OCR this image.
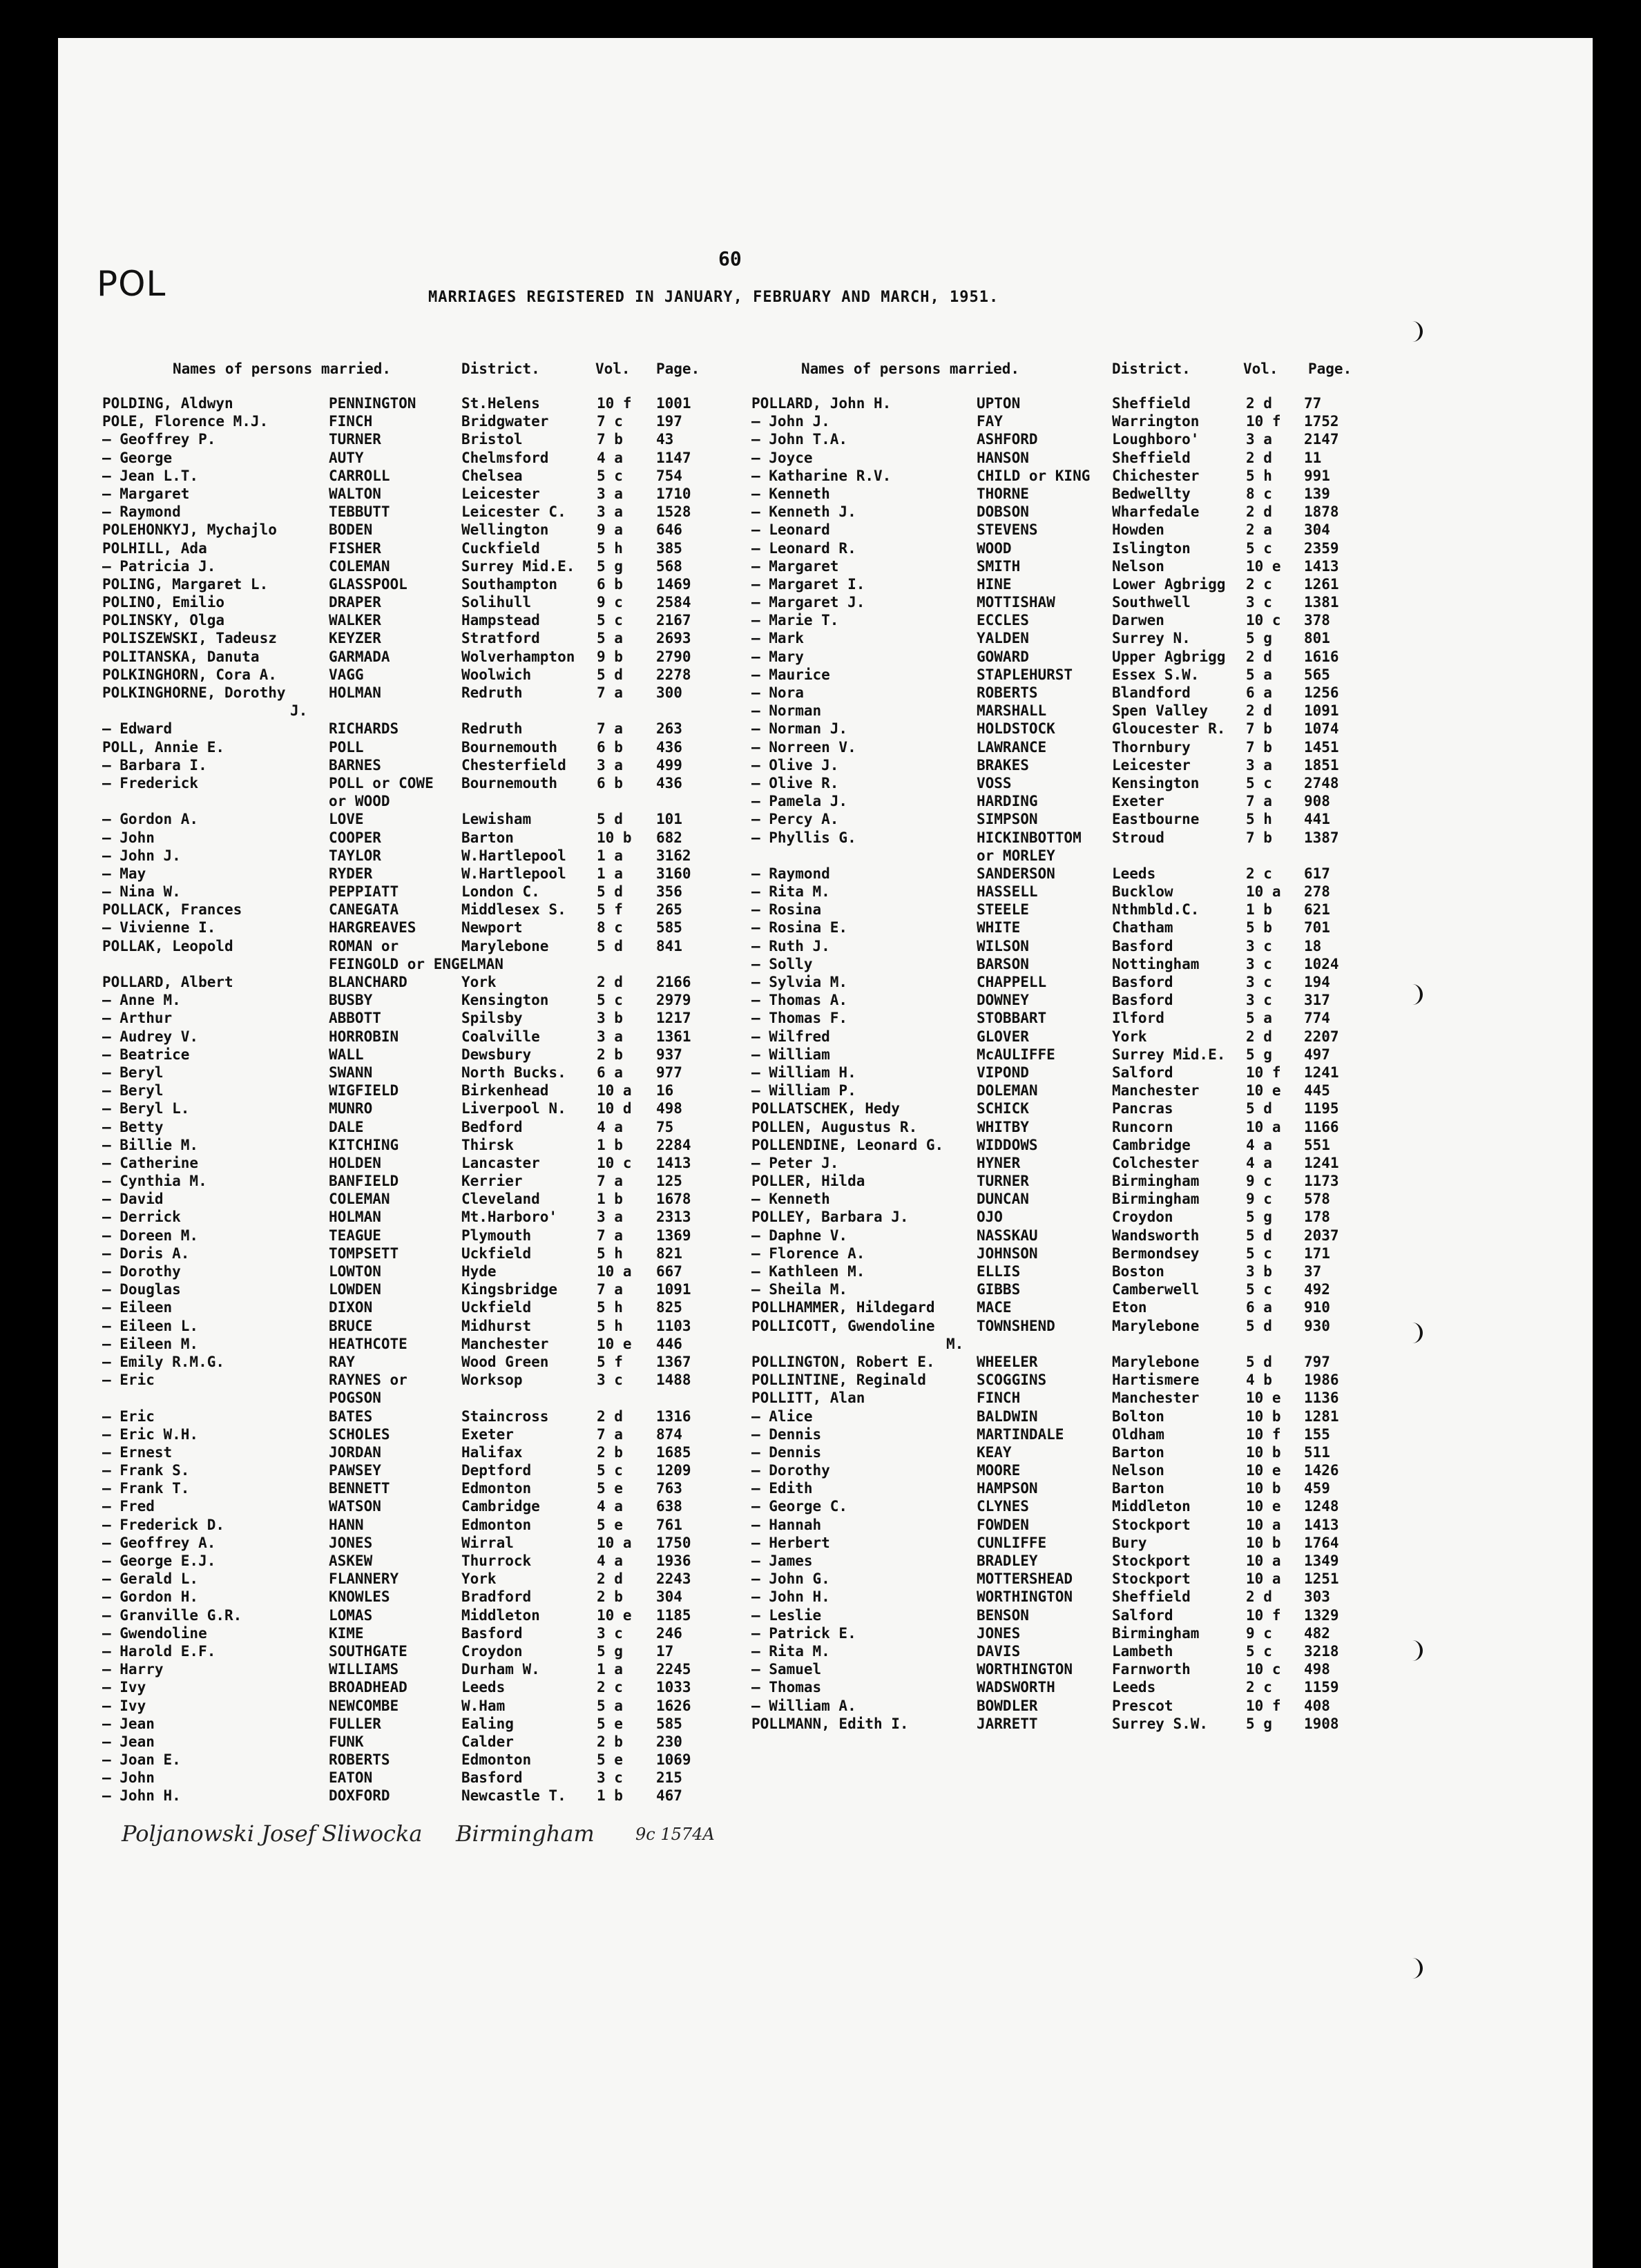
60
POL	MARRIAGES REGISTERED IN JANUARY, FEBRUARY AND MARCH, 1951.
Names of persons married.	District.	Vol. Page.	Names of persons married.	District.	Vol. Page.
POLDING, Aldwyn	PENNINGTON	St.Helens	10 f 1001
POLE, Florence M.J.	FINCH	Bridgwater	7 c 197
— Geoffrey P.	TURNER	Bristol	7 b 43
— George	AUTY	Chelmsford	4 a 1147
— Jean L.T.	CARROLL	Chelsea	5 c 754
— Margaret	WALTON	Leicester	3 a 1710
— Raymond	TEBBUTT	Leicester C. 3 a 1528
POLEHONKYJ, Mychajlo	BODEN	Wellington	9 a 646
POLHILL, Ada	FISHER	Cuckfield	5 h 385
— Patricia J.	COLEMAN	Surrey Mid.E. 5 g 568
POLING, Margaret L.	GLASSPOOL	Southampton	6 b 1469
POLINO, Emilio	DRAPER	Solihull	9 c 2584
POLINSKY, Olga	WALKER	Hampstead	5 c 2167
POLISZEWSKI, Tadeusz	KEYZER	Stratford	5 a 2693
POLITANSKA, Danuta	GARMADA	Wolverhampton 9 b 2790
POLKINGHORN, Cora A.	VAGG	Woolwich	5 d 2278
POLKINGHORNE, Dorothy	HOLMAN	Redruth	7 a 300
J.
— Edward	RICHARDS	Redruth	7 a 263
POLL, Annie E.	POLL	Bournemouth	6 b 436
— Barbara I.	BARNES	Chesterfield 3 a 499
— Frederick	POLL or COWE Bournemouth	6 b 436
or WOOD
— Gordon A.	LOVE	Lewisham	5 d 101
— John	COOPER	Barton	10 b 682
— John J.	TAYLOR	W.Hartlepool 1 a 3162
— May	RYDER	W.Hartlepool 1 a 3160
— Nina W.	PEPPIATT	London C.	5 d 356
POLLACK, Frances	CANEGATA	Middlesex S. 5 f 265
— Vivienne I.	HARGREAVES	Newport	8 c 585
POLLAK, Leopold	ROMAN or	Marylebone	5 d 841
FEINGOLD or ENGELMAN
POLLARD, Albert	BLANCHARD	York	2 d 2166
— Anne M.	BUSBY	Kensington	5 c 2979
— Arthur	ABBOTT	Spilsby	3 b 1217
— Audrey V.	HORROBIN	Coalville	3 a 1361
— Beatrice	WALL	Dewsbury	2 b 937
— Beryl	SWANN	North Bucks. 6 a 977
— Beryl	WIGFIELD	Birkenhead	10 a 16
— Beryl L.	MUNRO	Liverpool N. 10 d 498
— Betty	DALE	Bedford	4 a 75
— Billie M.	KITCHING	Thirsk	1 b 2284
— Catherine	HOLDEN	Lancaster	10 c 1413
— Cynthia M.	BANFIELD	Kerrier	7 a 125
— David	COLEMAN	Cleveland	1 b 1678
— Derrick	HOLMAN	Mt.Harboro'	3 a 2313
— Doreen M.	TEAGUE	Plymouth	7 a 1369
— Doris A.	TOMPSETT	Uckfield	5 h 821
— Dorothy	LOWTON	Hyde	10 a 667
— Douglas	LOWDEN	Kingsbridge	7 a 1091
— Eileen	DIXON	Uckfield	5 h 825
— Eileen L.	BRUCE	Midhurst	5 h 1103
— Eileen M.	HEATHCOTE	Manchester	10 e 446
— Emily R.M.G.	RAY	Wood Green	5 f 1367
— Eric	RAYNES or	Worksop	3 c 1488
POGSON
— Eric	BATES	Staincross	2 d 1316
— Eric W.H.	SCHOLES	Exeter	7 a 874
— Ernest	JORDAN	Halifax	2 b 1685
— Frank S.	PAWSEY	Deptford	5 c 1209
— Frank T.	BENNETT	Edmonton	5 e 763
— Fred	WATSON	Cambridge	4 a 638
— Frederick D.	HANN	Edmonton	5 e 761
— Geoffrey A.	JONES	Wirral	10 a 1750
— George E.J.	ASKEW	Thurrock	4 a 1936
— Gerald L.	FLANNERY	York	2 d 2243
— Gordon H.	KNOWLES	Bradford	2 b 304
— Granville G.R.	LOMAS	Middleton	10 e 1185
— Gwendoline	KIME	Basford	3 c 246
— Harold E.F.	SOUTHGATE	Croydon	5 g 17
— Harry	WILLIAMS	Durham W.	1 a 2245
— Ivy	BROADHEAD	Leeds	2 c 1033
— Ivy	NEWCOMBE	W.Ham	5 a 1626
— Jean	FULLER	Ealing	5 e 585
— Jean	FUNK	Calder	2 b 230
— Joan E.	ROBERTS	Edmonton	5 e 1069
— John	EATON	Basford	3 c 215
— John H.	DOXFORD	Newcastle T. 1 b 467
POLLARD, John H.	UPTON	Sheffield	2 d 77
— John J.	FAY	Warrington	10 f 1752
— John T.A.	ASHFORD	Loughboro'	3 a 2147
— Joyce	HANSON	Sheffield	2 d 11
— Katharine R.V.	CHILD or KING Chichester	5 h 991
— Kenneth	THORNE	Bedwellty	8 c 139
— Kenneth J.	DOBSON	Wharfedale	2 d 1878
— Leonard	STEVENS	Howden	2 a 304
— Leonard R.	WOOD	Islington	5 c 2359
— Margaret	SMITH	Nelson	10 e 1413
— Margaret I.	HINE	Lower Agbrigg 2 c 1261
— Margaret J.	MOTTISHAW	Southwell	3 c 1381
— Marie T.	ECCLES	Darwen	10 c 378
— Mark	YALDEN	Surrey N.	5 g 801
— Mary	GOWARD	Upper Agbrigg 2 d 1616
— Maurice	STAPLEHURST	Essex S.W.	5 a 565
— Nora	ROBERTS	Blandford	6 a 1256
— Norman	MARSHALL	Spen Valley	2 d 1091
— Norman J.	HOLDSTOCK	Gloucester R. 7 b 1074
— Norreen V.	LAWRANCE	Thornbury	7 b 1451
— Olive J.	BRAKES	Leicester	3 a 1851
— Olive R.	VOSS	Kensington	5 c 2748
— Pamela J.	HARDING	Exeter	7 a 908
— Percy A.	SIMPSON	Eastbourne	5 h 441
— Phyllis G.	HICKINBOTTOM Stroud	7 b 1387
or MORLEY
— Raymond	SANDERSON	Leeds	2 c 617
— Rita M.	HASSELL	Bucklow	10 a 278
— Rosina	STEELE	Nthmbld.C.	1 b 621
— Rosina E.	WHITE	Chatham	5 b 701
— Ruth J.	WILSON	Basford	3 c 18
— Solly	BARSON	Nottingham	3 c 1024
— Sylvia M.	CHAPPELL	Basford	3 c 194
— Thomas A.	DOWNEY	Basford	3 c 317
— Thomas F.	STOBBART	Ilford	5 a 774
— Wilfred	GLOVER	York	2 d 2207
— William	McAULIFFE	Surrey Mid.E. 5 g 497
— William H.	VIPOND	Salford	10 f 1241
— William P.	DOLEMAN	Manchester	10 e 445
POLLATSCHEK, Hedy	SCHICK	Pancras	5 d 1195
POLLEN, Augustus R.	WHITBY	Runcorn	10 a 1166
POLLENDINE, Leonard G. WIDDOWS	Cambridge	4 a 551
— Peter J.	HYNER	Colchester	4 a 1241
POLLER, Hilda	TURNER	Birmingham	9 c 1173
— Kenneth	DUNCAN	Birmingham	9 c 578
POLLEY, Barbara J.	OJO	Croydon	5 g 178
— Daphne V.	NASSKAU	Wandsworth	5 d 2037
— Florence A.	JOHNSON	Bermondsey	5 c 171
— Kathleen M.	ELLIS	Boston	3 b 37
— Sheila M.	GIBBS	Camberwell	5 c 492
POLLHAMMER, Hildegard	MACE	Eton	6 a 910
POLLICOTT, Gwendoline	TOWNSHEND	Marylebone	5 d 930
M.
POLLINGTON, Robert E.	WHEELER	Marylebone	5 d 797
POLLINTINE, Reginald	SCOGGINS	Hartismere	4 b 1986
POLLITT, Alan	FINCH	Manchester	10 e 1136
— Alice	BALDWIN	Bolton	10 b 1281
— Dennis	MARTINDALE	Oldham	10 f 155
— Dennis	KEAY	Barton	10 b 511
— Dorothy	MOORE	Nelson	10 e 1426
— Edith	HAMPSON	Barton	10 b 459
— George C.	CLYNES	Middleton	10 e 1248
— Hannah	FOWDEN	Stockport	10 a 1413
— Herbert	CUNLIFFE	Bury	10 b 1764
— James	BRADLEY	Stockport	10 a 1349
— John G.	MOTTERSHEAD	Stockport	10 a 1251
— John H.	WORTHINGTON	Sheffield	2 d 303
— Leslie	BENSON	Salford	10 f 1329
— Patrick E.	JONES	Birmingham	9 c 482
— Rita M.	DAVIS	Lambeth	5 c 3218
— Samuel	WORTHINGTON	Farnworth	10 c 498
— Thomas	WADSWORTH	Leeds	2 c 1159
— William A.	BOWDLER	Prescot	10 f 408
POLLMANN, Edith I.	JARRETT	Surrey S.W.	5 g 1908
Poljanowski Josef Sliwocka Birmingham 9c 1574A
